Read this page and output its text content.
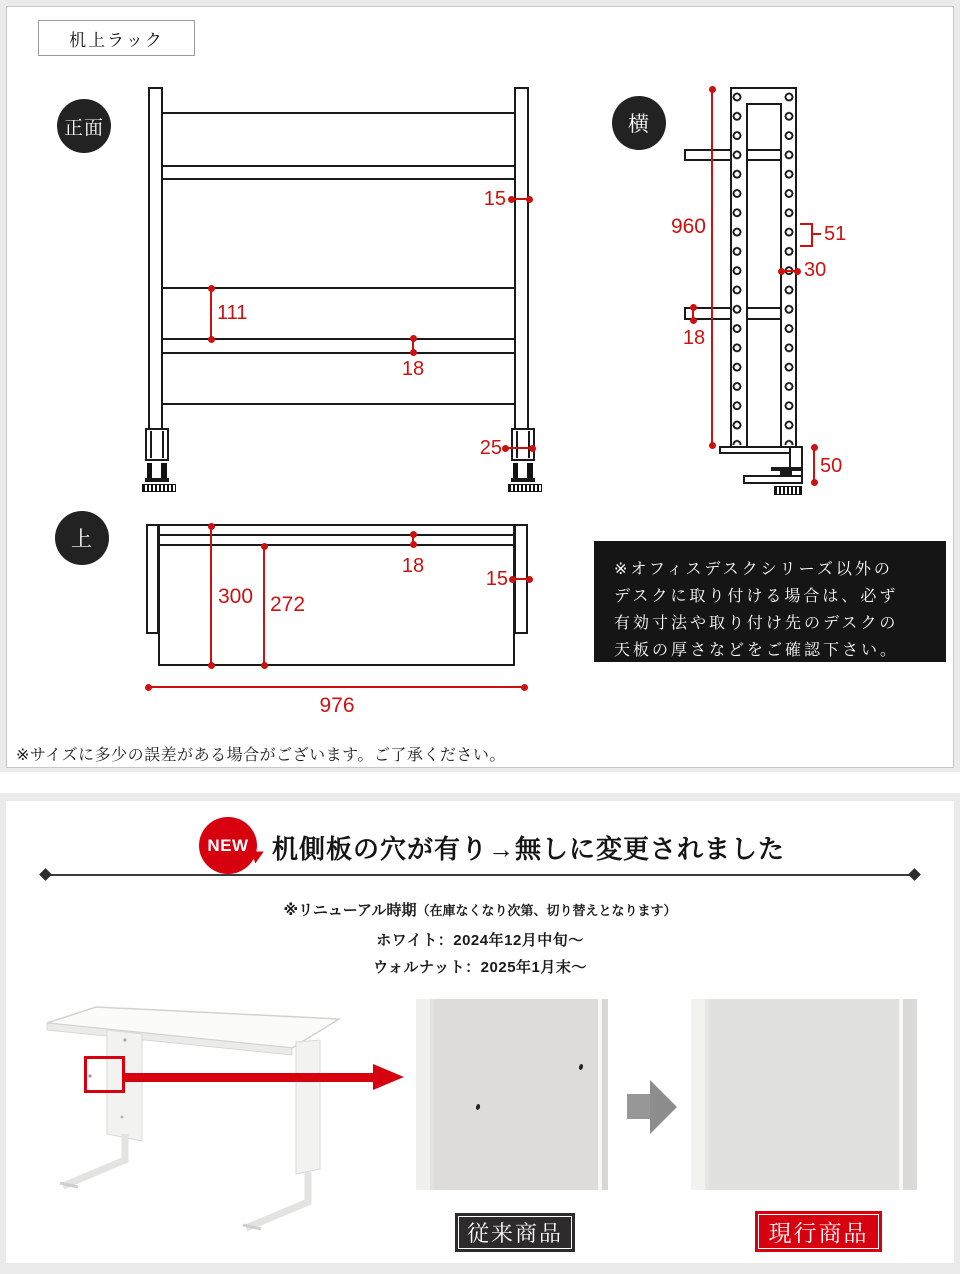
机上ラック
正面
15
111
18
25
横
960	51
30
18
50
上
300 272
18
15
976
※オフィスデスクシリーズ以外の
デスクに取り付ける場合は、必ず
有効寸法や取り付け先のデスクの
天板の厚さなどをご確認下さい。
※サイズに多少の誤差がある場合がございます。ご了承ください。
NEW 机側板の穴が有り→無しに変更されました
※リニューアル時期（在庫なくなり次第、切り替えとなります）
ホワイト：2024年12月中旬～
ウォルナット：2025年1月末～
従来商品	現行商品
